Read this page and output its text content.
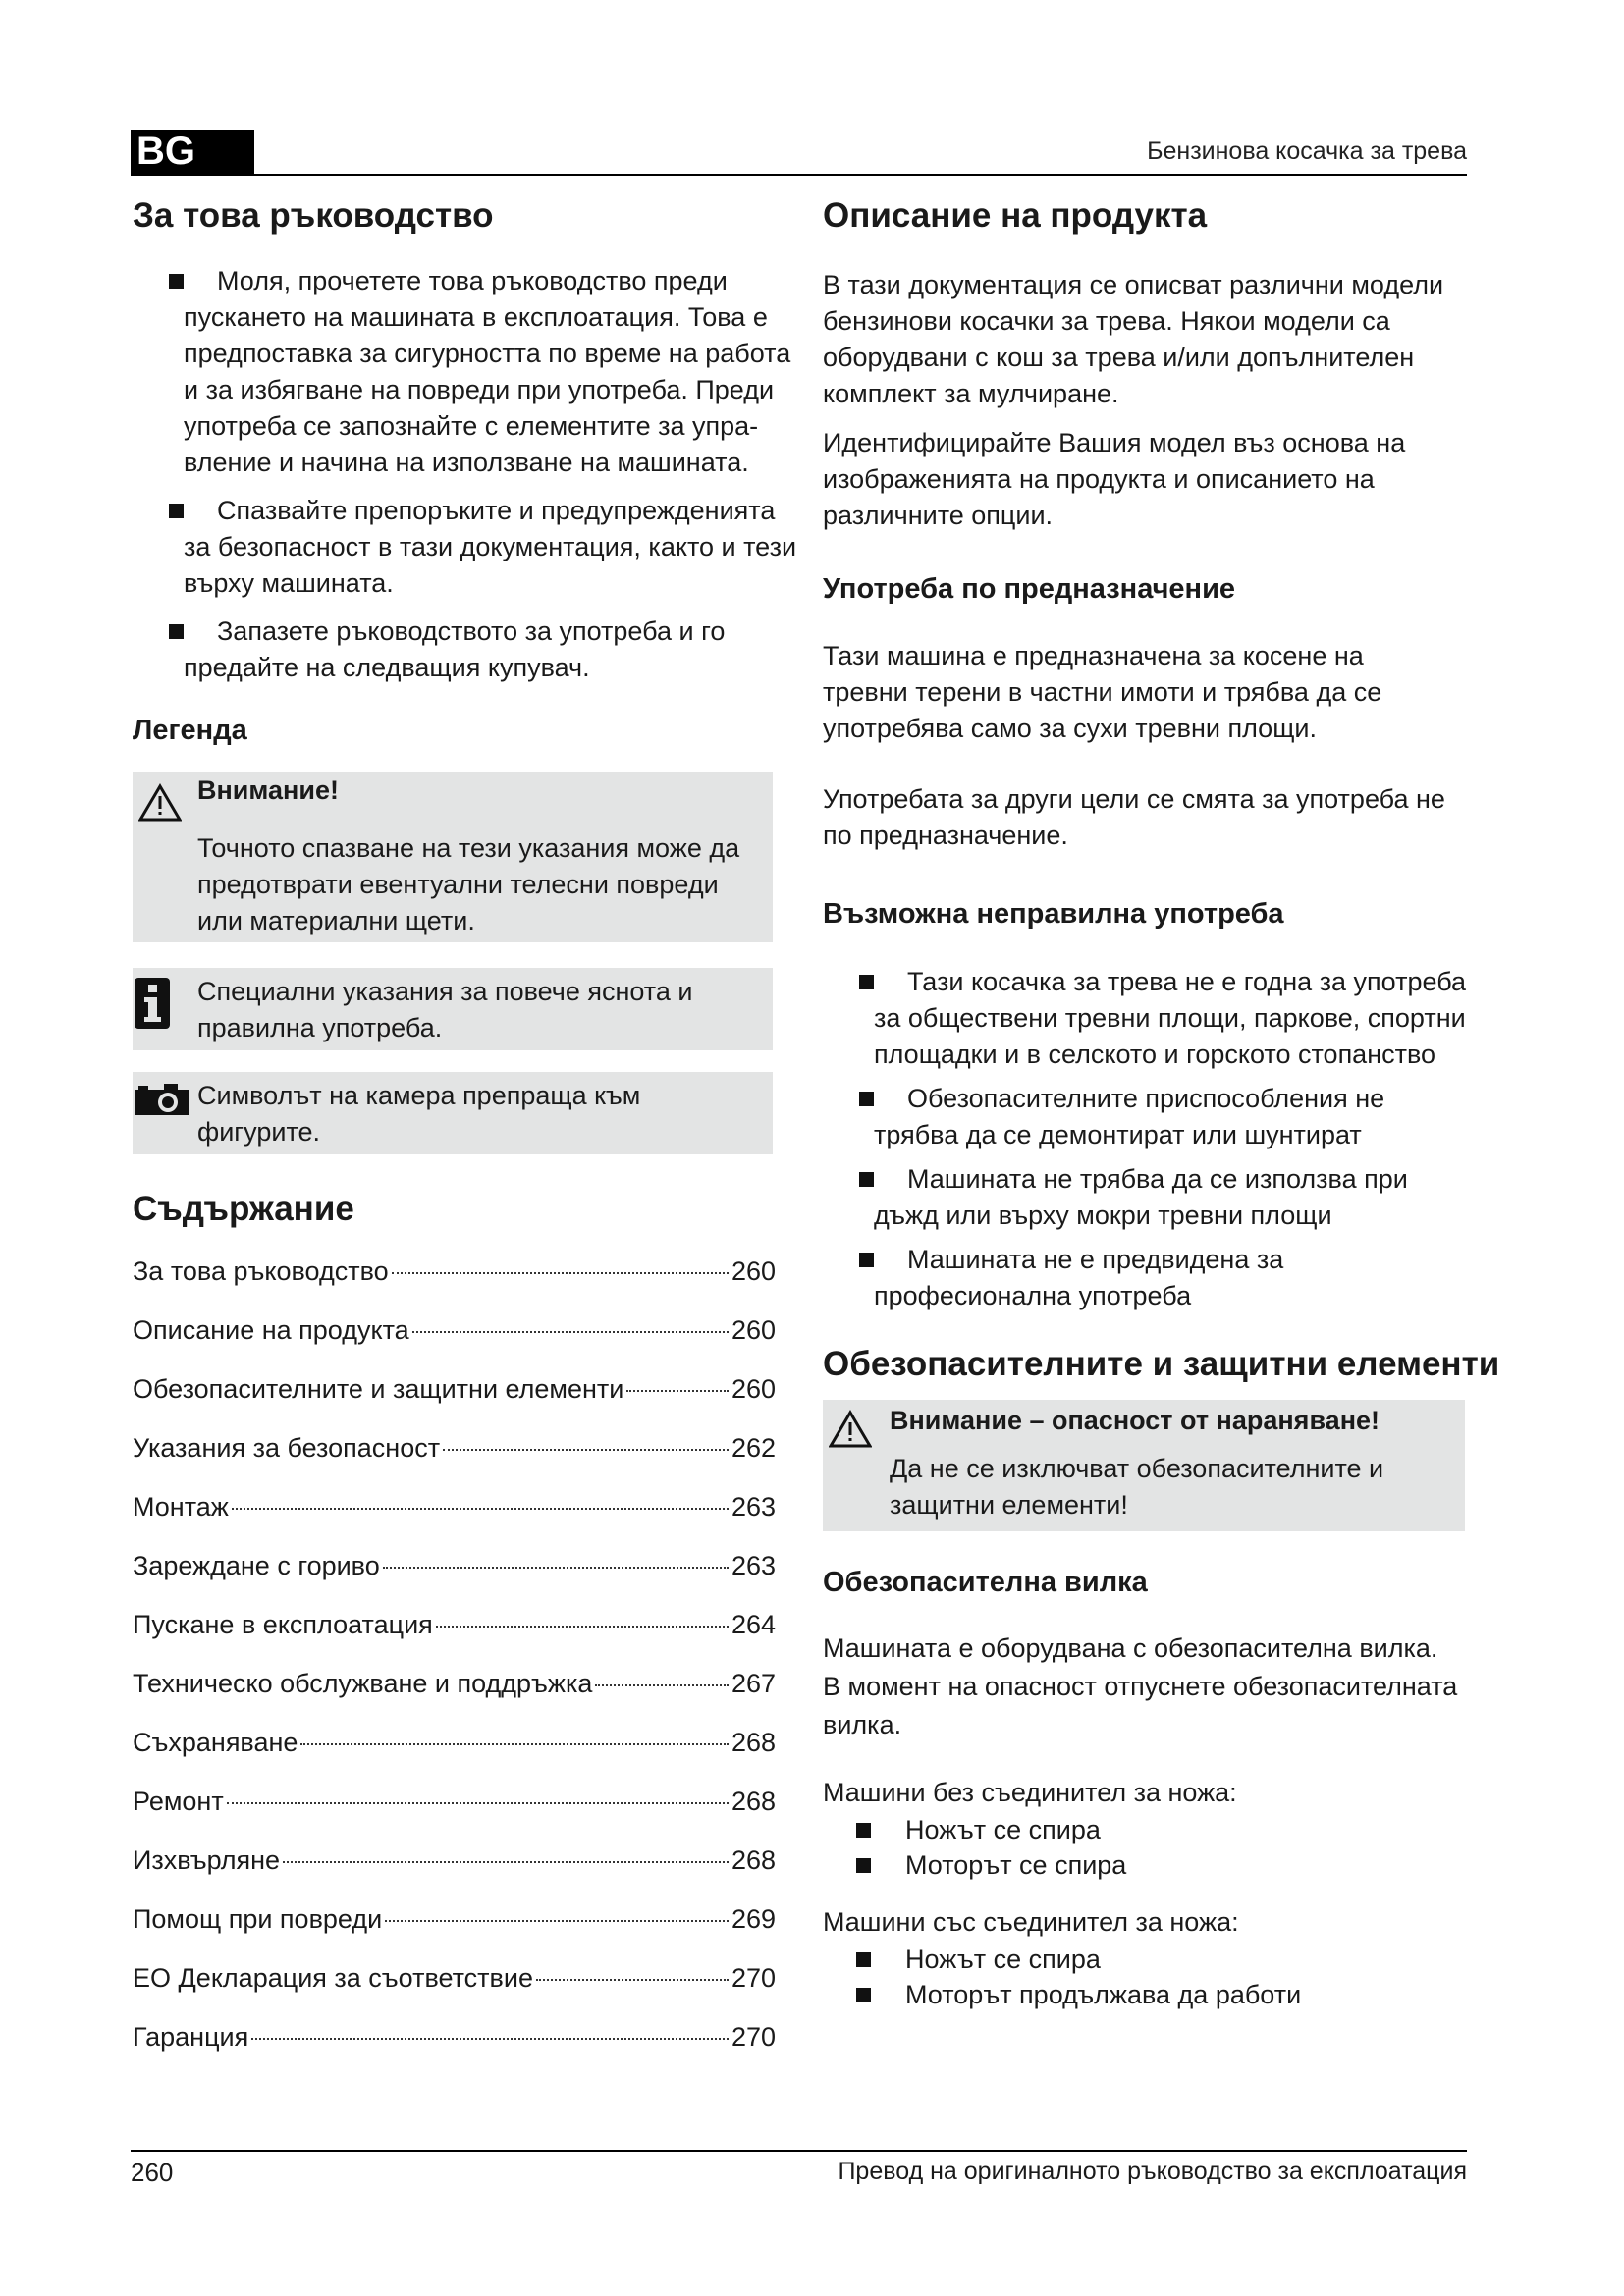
BG	Бензинова косачка за трева
За това ръководство
Моля, прочетете това ръководство преди пускането на машината в експлоатация. Това е предпоставка за сигурността по време на работа и за избягване на повреди при употреба. Преди употреба се запознайте с елементите за упра-вление и начина на използване на машината.
Спазвайте препоръките и предупрежденията за безопасност в тази документация, както и тези върху машината.
Запазете ръководството за употреба и го предайте на следващия купувач.
Легенда
Внимание!
Точното спазване на тези указания може да предотврати евентуални телесни повреди или материални щети.
Специални указания за повече яснота и правилна употреба.
Символът на камера препраща към фигурите.
Съдържание
За това ръководство	260
Описание на продукта	260
Обезопасителните и защитни елементи	260
Указания за безопасност	262
Монтаж	263
Зареждане с гориво	263
Пускане в експлоатация	264
Техническо обслужване и поддръжка	267
Съхраняване	268
Ремонт	268
Изхвърляне	268
Помощ при повреди	269
ЕО Декларация за съответствие	270
Гаранция	270
Описание на продукта
В тази документация се описват различни модели бензинови косачки за трева. Някои модели са оборудвани с кош за трева и/или допълнителен комплект за мулчиране.
Идентифицирайте Вашия модел въз основа на изображенията на продукта и описанието на различните опции.
Употреба по предназначение
Тази машина е предназначена за косене на тревни терени в частни имоти и трябва да се употребява само за сухи тревни площи.
Употребата за други цели се смята за употреба не по предназначение.
Възможна неправилна употреба
Тази косачка за трева не е годна за употреба за обществени тревни площи, паркове, спортни площадки и в селското и горското стопанство
Обезопасителните приспособления не трябва да се демонтират или шунтират
Машината не трябва да се използва при дъжд или върху мокри тревни площи
Машината не е предвидена за професионална употреба
Обезопасителните и защитни елементи
Внимание – опасност от нараняване!
Да не се изключват обезопасителните и защитни елементи!
Обезопасителна вилка
Машината е оборудвана с обезопасителна вилка. В момент на опасност отпуснете обезопасителната вилка.
Машини без съединител за ножа:
Ножът се спира
Моторът се спира
Машини със съединител за ножа:
Ножът се спира
Моторът продължава да работи
260	Превод на оригиналното ръководство за експлоатация
